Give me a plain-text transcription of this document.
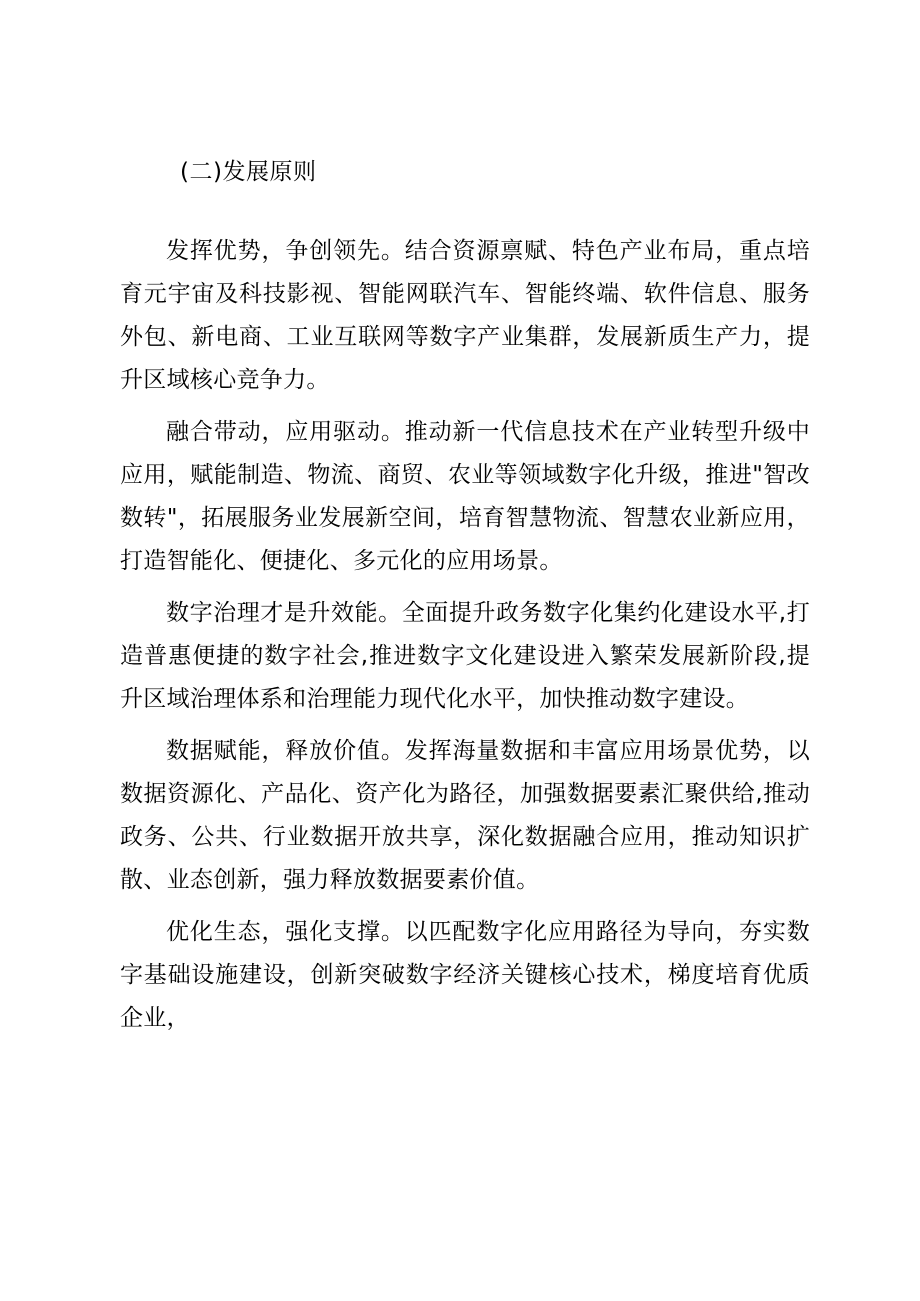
(二)发展原则

发挥优势，争创领先。结合资源禀赋、特色产业布局，重点培育元宇宙及科技影视、智能网联汽车、智能终端、软件信息、服务外包、新电商、工业互联网等数字产业集群，发展新质生产力，提升区域核心竞争力。

融合带动，应用驱动。推动新一代信息技术在产业转型升级中应用，赋能制造、物流、商贸、农业等领域数字化升级，推进"智改数转"，拓展服务业发展新空间，培育智慧物流、智慧农业新应用，打造智能化、便捷化、多元化的应用场景。

数字治理才是升效能。全面提升政务数字化集约化建设水平,打造普惠便捷的数字社会,推进数字文化建设进入繁荣发展新阶段,提升区域治理体系和治理能力现代化水平，加快推动数字建设。

数据赋能，释放价值。发挥海量数据和丰富应用场景优势，以数据资源化、产品化、资产化为路径，加强数据要素汇聚供给,推动政务、公共、行业数据开放共享，深化数据融合应用，推动知识扩散、业态创新，强力释放数据要素价值。

优化生态，强化支撑。以匹配数字化应用路径为导向，夯实数字基础设施建设，创新突破数字经济关键核心技术，梯度培育优质企业，
